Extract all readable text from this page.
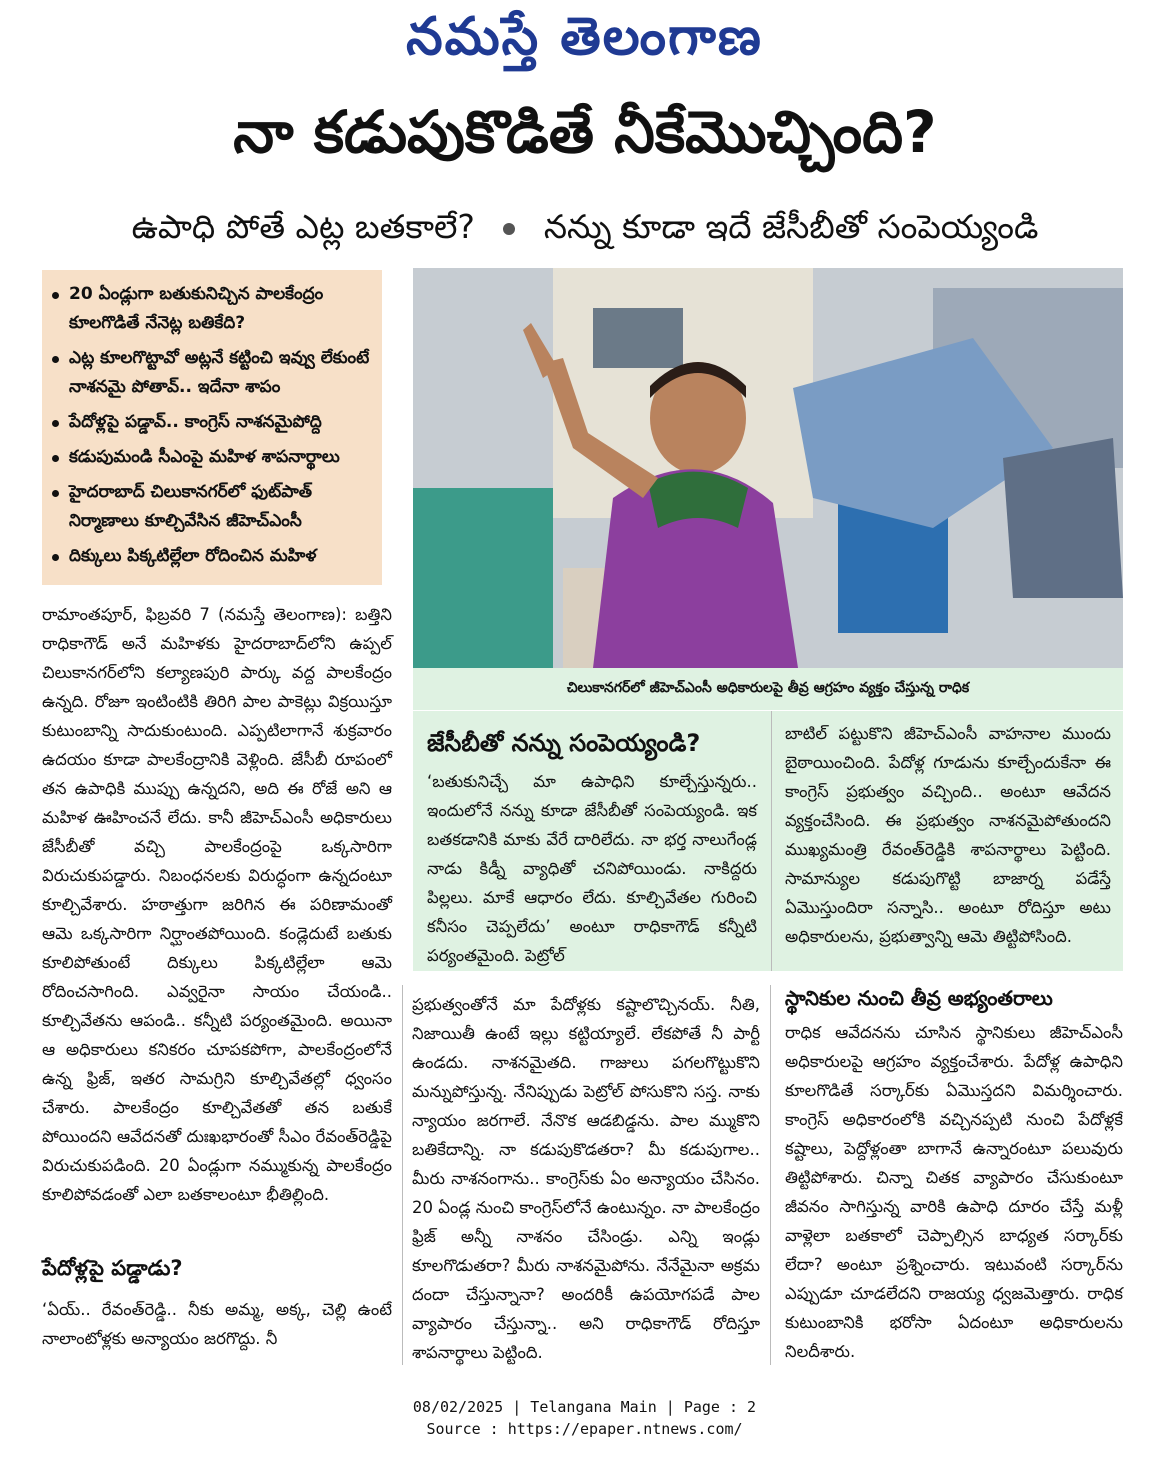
నమస్తే తెలంగాణ
నా కడుపుకొడితే నీకేమొచ్చింది?
ఉపాధి పోతే ఎట్ల బతకాలే? నన్ను కూడా ఇదే జేసీబీతో సంపెయ్యండి
20 ఏండ్లుగా బతుకునిచ్చిన పాలకేంద్రం కూలగొడితే నేనెట్ల బతికేది?
ఎట్ల కూలగొట్టావో అట్లనే కట్టించి ఇవ్వు లేకుంటే నాశనమై పోతావ్.. ఇదేనా శాపం
పేదోళ్లపై పడ్డావ్.. కాంగ్రెస్ నాశనమైపోద్ది
కడుపుమండి సీఎంపై మహిళ శాపనార్థాలు
హైదరాబాద్ చిలుకానగర్‌లో ఫుట్‌పాత్ నిర్మాణాలు కూల్చివేసిన జీహెచ్‌ఎంసీ
దిక్కులు పిక్కటిల్లేలా రోదించిన మహిళ
చిలుకానగర్‌లో జీహెచ్‌ఎంసీ అధికారులపై తీవ్ర ఆగ్రహం వ్యక్తం చేస్తున్న రాధిక
జేసీబీతో నన్ను సంపెయ్యండి?
‘బతుకునిచ్చే మా ఉపాధిని కూల్చేస్తున్నరు.. ఇందులోనే నన్ను కూడా జేసీబీతో సంపెయ్యండి. ఇక బతకడానికి మాకు వేరే దారిలేదు. నా భర్త నాలుగేండ్ల నాడు కిడ్నీ వ్యాధితో చనిపోయిండు. నాకిద్దరు పిల్లలు. మాకే ఆధారం లేదు. కూల్చివేతల గురించి కనీసం చెప్పలేదు’ అంటూ రాధికాగౌడ్ కన్నీటి పర్యంతమైంది. పెట్రోల్
బాటిల్ పట్టుకొని జీహెచ్‌ఎంసీ వాహనాల ముందు బైఠాయించింది. పేదోళ్ల గూడును కూల్చేందుకేనా ఈ కాంగ్రెస్ ప్రభుత్వం వచ్చింది.. అంటూ ఆవేదన వ్యక్తంచేసింది. ఈ ప్రభుత్వం నాశనమైపోతుందని ముఖ్యమంత్రి రేవంత్‌రెడ్డికి శాపనార్థాలు పెట్టింది. సామాన్యుల కడుపుగొట్టి బాజార్న పడేస్తే ఏమొస్తుందిరా సన్నాసి.. అంటూ రోదిస్తూ అటు అధికారులను, ప్రభుత్వాన్ని ఆమె తిట్టిపోసింది.
రామాంతపూర్, ఫిబ్రవరి 7 (నమస్తే తెలంగాణ): బత్తిని రాధికాగౌడ్ అనే మహిళకు హైదరాబాద్‌లోని ఉప్పల్ చిలుకానగర్‌లోని కల్యాణపురి పార్కు వద్ద పాలకేంద్రం ఉన్నది. రోజూ ఇంటింటికి తిరిగి పాల పాకెట్లు విక్రయిస్తూ కుటుంబాన్ని సాదుకుంటుంది. ఎప్పటిలాగానే శుక్రవారం ఉదయం కూడా పాలకేంద్రానికి వెళ్లింది. జేసీబీ రూపంలో తన ఉపాధికి ముప్పు ఉన్నదని, అది ఈ రోజే అని ఆ మహిళ ఊహించనే లేదు. కానీ జీహెచ్‌ఎంసీ అధికారులు జేసీబీతో వచ్చి పాలకేంద్రంపై ఒక్కసారిగా విరుచుకుపడ్డారు. నిబంధనలకు విరుద్ధంగా ఉన్నదంటూ కూల్చివేశారు. హఠాత్తుగా జరిగిన ఈ పరిణామంతో ఆమె ఒక్కసారిగా నిర్ఘాంతపోయింది. కండ్లెదుటే బతుకు కూలిపోతుంటే దిక్కులు పిక్కటిల్లేలా ఆమె రోదించసాగింది. ఎవ్వరైనా సాయం చేయండి.. కూల్చివేతను ఆపండి.. కన్నీటి పర్యంతమైంది. అయినా ఆ అధికారులు కనికరం చూపకపోగా, పాలకేంద్రంలోనే ఉన్న ఫ్రిజ్, ఇతర సామగ్రిని కూల్చివేతల్లో ధ్వంసం చేశారు. పాలకేంద్రం కూల్చివేతతో తన బతుకే పోయిందని ఆవేదనతో దుఃఖభారంతో సీఎం రేవంత్‌రెడ్డిపై విరుచుకుపడింది. 20 ఏండ్లుగా నమ్ముకున్న పాలకేంద్రం కూలిపోవడంతో ఎలా బతకాలంటూ భీతిల్లింది.
పేదోళ్లపై పడ్డాడు?
‘ఏయ్.. రేవంత్‌రెడ్డి.. నీకు అమ్మ, అక్క, చెల్లి ఉంటే నాలాంటోళ్లకు అన్యాయం జరగొద్దు. నీ
ప్రభుత్వంతోనే మా పేదోళ్లకు కష్టాలొచ్చినయ్. నీతి, నిజాయితీ ఉంటే ఇల్లు కట్టియ్యాలే. లేకపోతే నీ పార్టీ ఉండదు. నాశనమైతది. గాజులు పగలగొట్టుకొని మన్నుపోస్తున్న. నేనిప్పుడు పెట్రోల్ పోసుకొని సస్త. నాకు న్యాయం జరగాలే. నేనొక ఆడబిడ్డను. పాల మ్ముకొని బతికేదాన్ని. నా కడుపుకొడతరా? మీ కడుపుగాల.. మీరు నాశనంగాను.. కాంగ్రెస్‌కు ఏం అన్యాయం చేసినం. 20 ఏండ్ల నుంచి కాంగ్రెస్‌లోనే ఉంటున్నం. నా పాలకేంద్రం ఫ్రిజ్ అన్నీ నాశనం చేసిండ్రు. ఎన్ని ఇండ్లు కూలగొడుతరా? మీరు నాశనమైపోను. నేనేమైనా అక్రమ దందా చేస్తున్నానా? అందరికీ ఉపయోగపడే పాల వ్యాపారం చేస్తున్నా.. అని రాధికాగౌడ్ రోదిస్తూ శాపనార్థాలు పెట్టింది.
స్థానికుల నుంచి తీవ్ర అభ్యంతరాలు
రాధిక ఆవేదనను చూసిన స్థానికులు జీహెచ్‌ఎంసీ అధికారులపై ఆగ్రహం వ్యక్తంచేశారు. పేదోళ్ల ఉపాధిని కూలగొడితే సర్కార్‌కు ఏమొస్తదని విమర్శించారు. కాంగ్రెస్ అధికారంలోకి వచ్చినప్పటి నుంచి పేదోళ్లకే కష్టాలు, పెద్దోళ్లంతా బాగానే ఉన్నారంటూ పలువురు తిట్టిపోశారు. చిన్నా చితక వ్యాపారం చేసుకుంటూ జీవనం సాగిస్తున్న వారికి ఉపాధి దూరం చేస్తే మళ్లీ వాళ్లెలా బతకాలో చెప్పాల్సిన బాధ్యత సర్కార్‌కు లేదా? అంటూ ప్రశ్నించారు. ఇటువంటి సర్కార్‌ను ఎప్పుడూ చూడలేదని రాజయ్య ధ్వజమెత్తారు. రాధిక కుటుంబానికి భరోసా ఏదంటూ అధికారులను నిలదీశారు.
08/02/2025 | Telangana Main | Page : 2
Source : https://epaper.ntnews.com/
